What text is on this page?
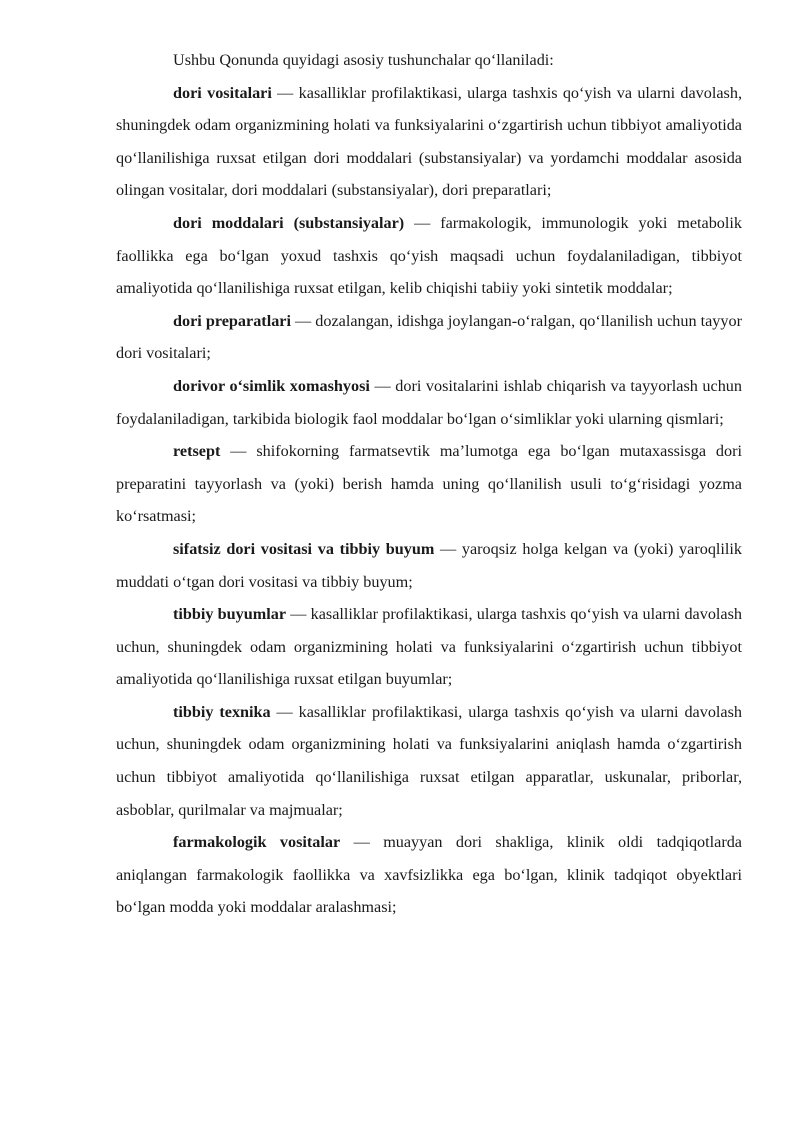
Ushbu Qonunda quyidagi asosiy tushunchalar qo‘llaniladi:

dori vositalari — kasalliklar profilaktikasi, ularga tashxis qo‘yish va ularni davolash, shuningdek odam organizmining holati va funksiyalarini o‘zgartirish uchun tibbiyot amaliyotida qo‘llanilishiga ruxsat etilgan dori moddalari (substansiyalar) va yordamchi moddalar asosida olingan vositalar, dori moddalari (substansiyalar), dori preparatlari;

dori moddalari (substansiyalar) — farmakologik, immunologik yoki metabolik faollikka ega bo‘lgan yoxud tashxis qo‘yish maqsadi uchun foydalaniladigan, tibbiyot amaliyotida qo‘llanilishiga ruxsat etilgan, kelib chiqishi tabiiy yoki sintetik moddalar;

dori preparatlari — dozalangan, idishga joylangan-o‘ralgan, qo‘llanilish uchun tayyor dori vositalari;

dorivor o‘simlik xomashyosi — dori vositalarini ishlab chiqarish va tayyorlash uchun foydalaniladigan, tarkibida biologik faol moddalar bo‘lgan o‘simliklar yoki ularning qismlari;

retsept — shifokorning farmatsevtik ma’lumotga ega bo‘lgan mutaxassisga dori preparatini tayyorlash va (yoki) berish hamda uning qo‘llanilish usuli to‘g‘risidagi yozma ko‘rsatmasi;

sifatsiz dori vositasi va tibbiy buyum — yaroqsiz holga kelgan va (yoki) yaroqlilik muddati o‘tgan dori vositasi va tibbiy buyum;

tibbiy buyumlar — kasalliklar profilaktikasi, ularga tashxis qo‘yish va ularni davolash uchun, shuningdek odam organizmining holati va funksiyalarini o‘zgartirish uchun tibbiyot amaliyotida qo‘llanilishiga ruxsat etilgan buyumlar;

tibbiy texnika — kasalliklar profilaktikasi, ularga tashxis qo‘yish va ularni davolash uchun, shuningdek odam organizmining holati va funksiyalarini aniqlash hamda o‘zgartirish uchun tibbiyot amaliyotida qo‘llanilishiga ruxsat etilgan apparatlar, uskunalar, priborlar, asboblar, qurilmalar va majmualar;

farmakologik vositalar — muayyan dori shakliga, klinik oldi tadqiqotlarda aniqlangan farmakologik faollikka va xavfsizlikka ega bo‘lgan, klinik tadqiqot obyektlari bo‘lgan modda yoki moddalar aralashmasi;
